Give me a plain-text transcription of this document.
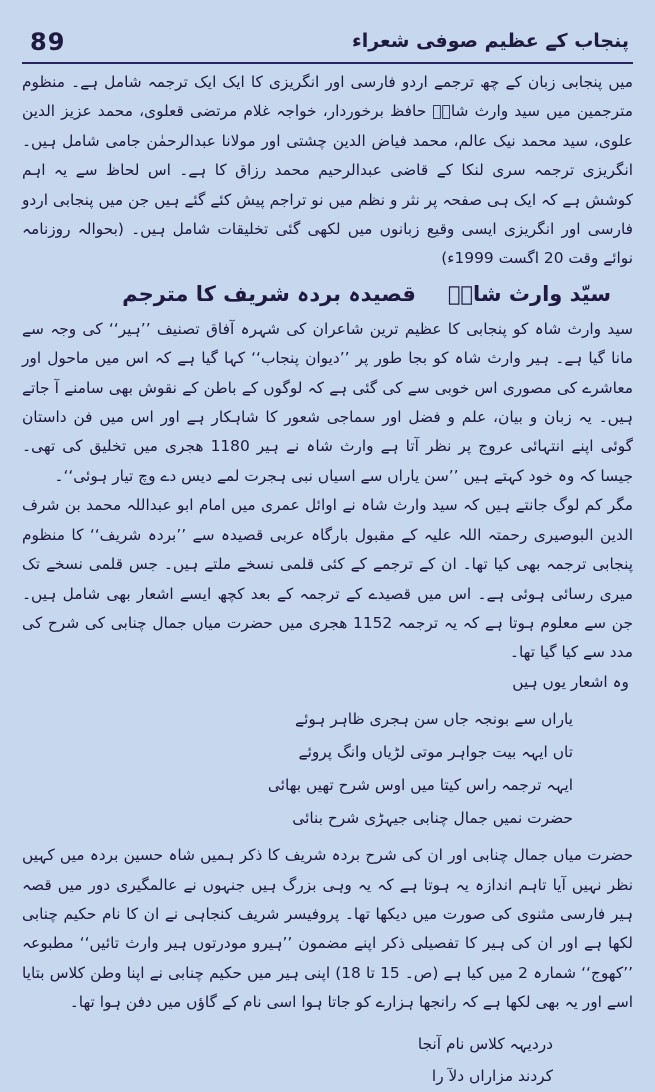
89	پنجاب کے عظیم صوفی شعراء

میں پنجابی زبان کے چھ ترجمے اردو فارسی اور انگریزی کا ایک ایک ترجمہ شامل ہے۔ منظوم مترجمین میں سید وارث شاہؒ حافظ برخوردار، خواجہ غلام مرتضی قعلوی، محمد عزیز الدین علوی، سید محمد نیک عالم، محمد فیاض الدین چشتی اور مولانا عبدالرحمٰن جامی شامل ہیں۔ انگریزی ترجمہ سری لنکا کے قاضی عبدالرحیم محمد رزاق کا ہے۔ اس لحاظ سے یہ اہم کوشش ہے کہ ایک ہی صفحہ پر نثر و نظم میں نو تراجم پیش کئے گئے ہیں جن میں پنجابی اردو فارسی اور انگریزی ایسی وقیع زبانوں میں لکھی گئی تخلیقات شامل ہیں۔ (بحوالہ روزنامہ نوائے وقت 20 اگست 1999ء)

سیّد وارث شاہؒقصیدہ بردہ شریف کا مترجم

سید وارث شاہ کو پنجابی کا عظیم ترین شاعران کی شہرہ آفاق تصنیف ’’ہیر‘‘ کی وجہ سے مانا گیا ہے۔ ہیر وارث شاہ کو بجا طور پر ’’دیوان پنجاب‘‘ کہا گیا ہے کہ اس میں ماحول اور معاشرے کی مصوری اس خوبی سے کی گئی ہے کہ لوگوں کے باطن کے نقوش بھی سامنے آ جاتے ہیں۔ یہ زبان و بیان، علم و فضل اور سماجی شعور کا شاہکار ہے اور اس میں فن داستان گوئی اپنے انتہائی عروج پر نظر آتا ہے وارث شاہ نے ہیر 1180 ھجری میں تخلیق کی تھی۔ جیسا کہ وہ خود کہتے ہیں ’’سن یاراں سے اسیاں نبی ہجرت لمے دیس دے وچ تیار ہوئی‘‘۔

مگر کم لوگ جانتے ہیں کہ سید وارث شاہ نے اوائل عمری میں امام ابو عبداللہ محمد بن شرف الدین البوصیری رحمتہ اللہ علیہ کے مقبول بارگاہ عربی قصیدہ سے ’’بردہ شریف‘‘ کا منظوم پنجابی ترجمہ بھی کیا تھا۔ ان کے ترجمے کے کئی قلمی نسخے ملتے ہیں۔ جس قلمی نسخے تک میری رسائی ہوئی ہے۔ اس میں قصیدے کے ترجمہ کے بعد کچھ ایسے اشعار بھی شامل ہیں۔ جن سے معلوم ہوتا ہے کہ یہ ترجمہ 1152 ھجری میں حضرت میاں جمال چنابی کی شرح کی مدد سے کیا گیا تھا۔

وہ اشعار یوں ہیں

یاراں سے بونجہ جاں سن ہجری ظاہر ہوئے
تاں ایہہ بیت جواہر موتی لڑیاں وانگ پروئے
ایہہ ترجمہ راس کیتا میں اوس شرح تھیں بھائی
حضرت نمیں جمال چنابی جیہڑی شرح بنائی

حضرت میاں جمال چنابی اور ان کی شرح بردہ شریف کا ذکر ہمیں شاہ حسین بردہ میں کہیں نظر نہیں آیا تاہم اندازہ یہ ہوتا ہے کہ یہ وہی بزرگ ہیں جنہوں نے عالمگیری دور میں قصہ ہیر فارسی مثنوی کی صورت میں دیکھا تھا۔ پروفیسر شریف کنجاہی نے ان کا نام حکیم چنابی لکھا ہے اور ان کی ہیر کا تفصیلی ذکر اپنے مضمون ’’ہیرو مودرتوں ہیر وارث تائیں‘‘ مطبوعہ ’’کھوج‘‘ شمارہ 2 میں کیا ہے (ص۔ 15 تا 18) اپنی ہیر میں حکیم چنابی نے اپنا وطن کلاس بتایا اسے اور یہ بھی لکھا ہے کہ رانجھا ہزارے کو جاتا ہوا اسی نام کے گاؤں میں دفن ہوا تھا۔

دردیہہ کلاس نام آنجا
کردند مزاراں دلآ را
